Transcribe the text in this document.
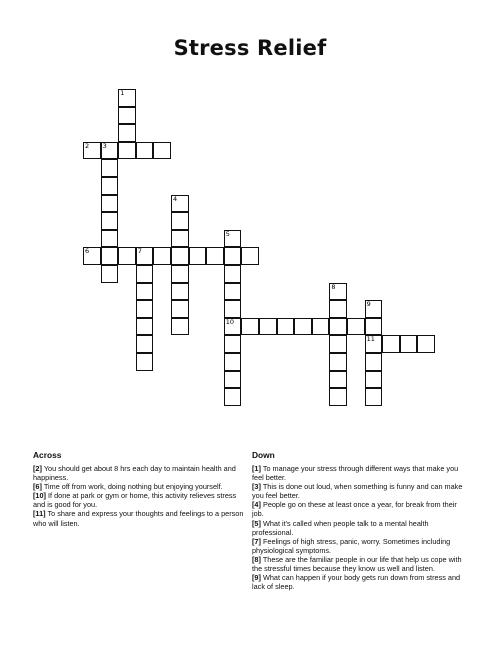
Stress Relief
1
2 3
4
5
10
6	7
8
9
11
Across

[2] You should get about 8 hrs each day to maintain health and happiness.

[6] Time off from work, doing nothing but enjoying yourself.

[10] If done at park or gym or home, this activity relieves stress and is good for you.

[11] To share and express your thoughts and feelings to a person who will listen.

Down

[1] To manage your stress through different ways that make you feel better.

[3] This is done out loud, when something is funny and can make you feel better.

[4] People go on these at least once a year, for break from their job.

[5] What it's called when people talk to a mental health professional.

[7] Feelings of high stress, panic, worry. Sometimes including physiological symptoms.

[8] These are the familiar people in our life that help us cope with the stressful times because they know us well and listen.

[9] What can happen if your body gets run down from stress and lack of sleep.
